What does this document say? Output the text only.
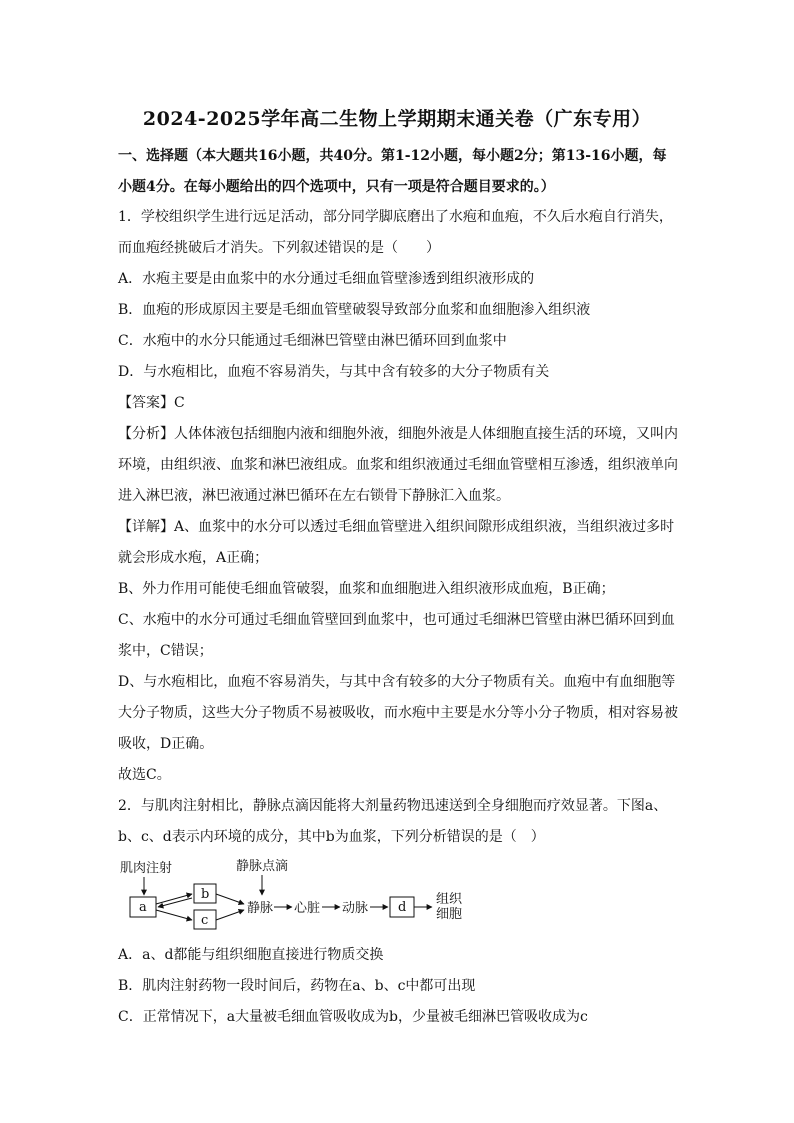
2024-2025学年高二生物上学期期末通关卷（广东专用）

一、选择题（本大题共16小题，共40分。第1-12小题，每小题2分；第13-16小题，每

小题4分。在每小题给出的四个选项中，只有一项是符合题目要求的。）

1．学校组织学生进行远足活动，部分同学脚底磨出了水疱和血疱，不久后水疱自行消失，

而血疱经挑破后才消失。下列叙述错误的是（　　）

A．水疱主要是由血浆中的水分通过毛细血管壁渗透到组织液形成的

B．血疱的形成原因主要是毛细血管壁破裂导致部分血浆和血细胞渗入组织液

C．水疱中的水分只能通过毛细淋巴管壁由淋巴循环回到血浆中

D．与水疱相比，血疱不容易消失，与其中含有较多的大分子物质有关

【答案】C

【分析】人体体液包括细胞内液和细胞外液，细胞外液是人体细胞直接生活的环境，又叫内

环境，由组织液、血浆和淋巴液组成。血浆和组织液通过毛细血管壁相互渗透，组织液单向

进入淋巴液，淋巴液通过淋巴循环在左右锁骨下静脉汇入血浆。

【详解】A、血浆中的水分可以透过毛细血管壁进入组织间隙形成组织液，当组织液过多时

就会形成水疱，A正确；

B、外力作用可能使毛细血管破裂，血浆和血细胞进入组织液形成血疱，B正确；

C、水疱中的水分可通过毛细血管壁回到血浆中，也可通过毛细淋巴管壁由淋巴循环回到血

浆中，C错误；

D、与水疱相比，血疱不容易消失，与其中含有较多的大分子物质有关。血疱中有血细胞等

大分子物质，这些大分子物质不易被吸收，而水疱中主要是水分等小分子物质，相对容易被

吸收，D正确。

故选C。

2．与肌肉注射相比，静脉点滴因能将大剂量药物迅速送到全身细胞而疗效显著。下图a、

b、c、d表示内环境的成分，其中b为血浆，下列分析错误的是（　）

肌肉注射	静脉点滴
a
b
c
静脉 心脏 动脉 d
组织
细胞

A．a、d都能与组织细胞直接进行物质交换

B．肌肉注射药物一段时间后，药物在a、b、c中都可出现

C．正常情况下，a大量被毛细血管吸收成为b，少量被毛细淋巴管吸收成为c
